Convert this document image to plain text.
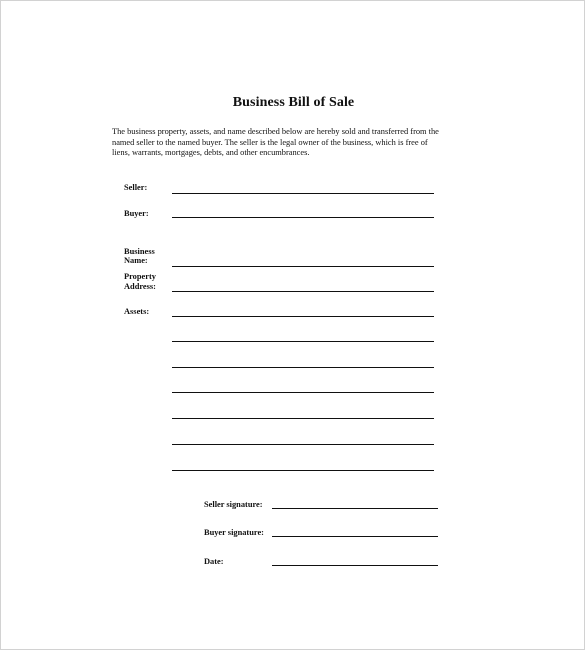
Business Bill of Sale
The business property, assets, and name described below are hereby sold and transferred from the named seller to the named buyer. The seller is the legal owner of the business, which is free of liens, warrants, mortgages, debts, and other encumbrances.
Seller:
Buyer:
Business
Name:
Property
Address:
Assets:
Seller signature:
Buyer signature:
Date:
